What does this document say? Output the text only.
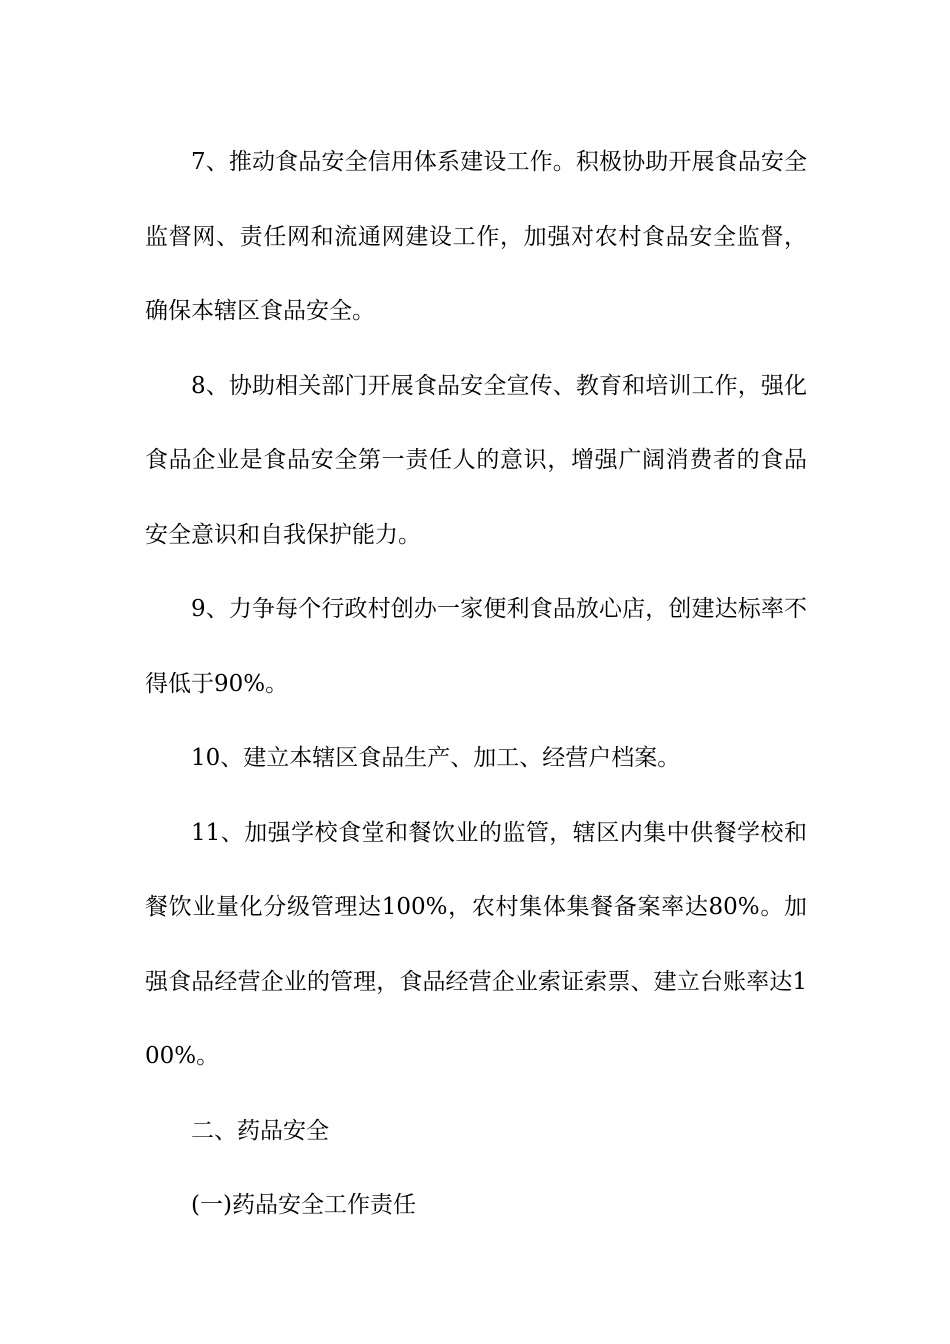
7、推动食品安全信用体系建设工作。积极协助开展食品安全监督网、责任网和流通网建设工作，加强对农村食品安全监督，确保本辖区食品安全。

8、协助相关部门开展食品安全宣传、教育和培训工作，强化食品企业是食品安全第一责任人的意识，增强广阔消费者的食品安全意识和自我保护能力。

9、力争每个行政村创办一家便利食品放心店，创建达标率不得低于90%。

10、建立本辖区食品生产、加工、经营户档案。

11、加强学校食堂和餐饮业的监管，辖区内集中供餐学校和餐饮业量化分级管理达100%，农村集体集餐备案率达80%。加强食品经营企业的管理，食品经营企业索证索票、建立台账率达100%。

二、药品安全

(一)药品安全工作责任
